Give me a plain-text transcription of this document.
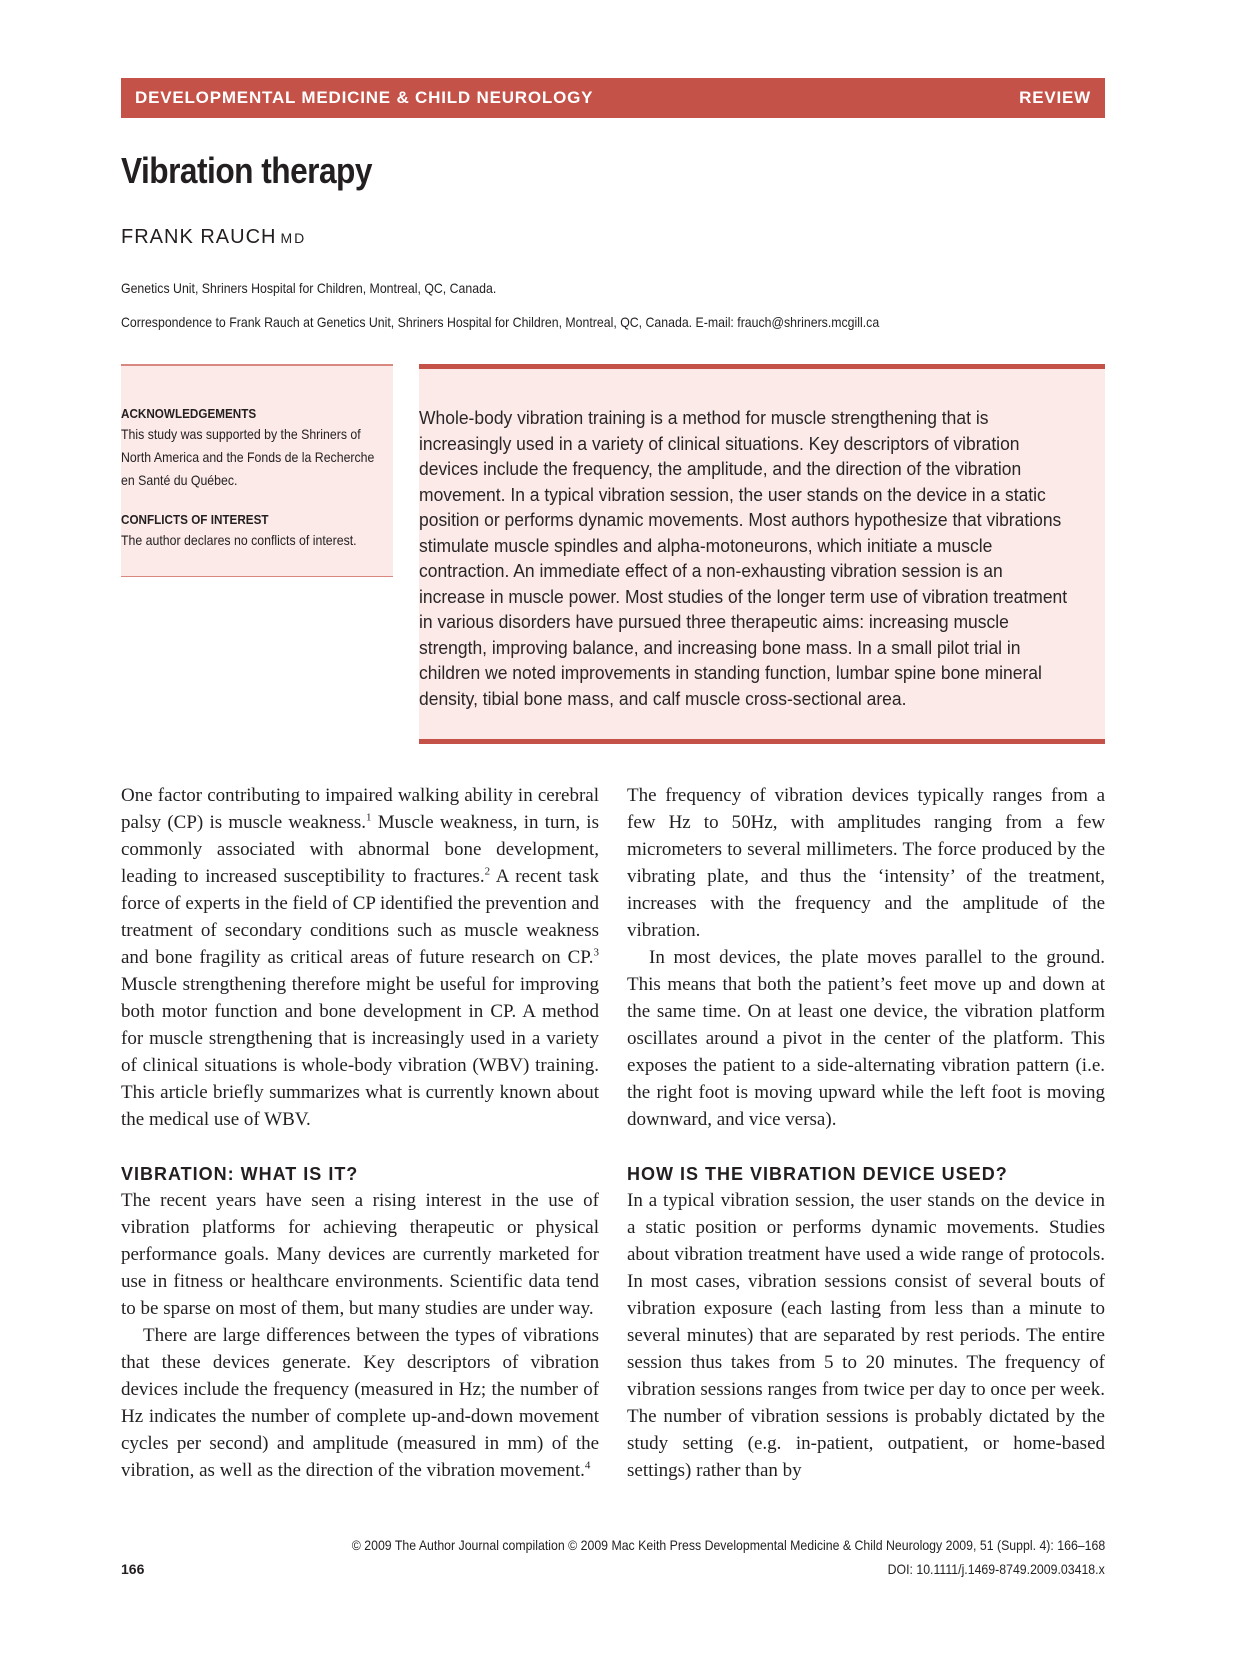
DEVELOPMENTAL MEDICINE & CHILD NEUROLOGY	REVIEW
Vibration therapy
FRANK RAUCH MD
Genetics Unit, Shriners Hospital for Children, Montreal, QC, Canada.
Correspondence to Frank Rauch at Genetics Unit, Shriners Hospital for Children, Montreal, QC, Canada. E-mail: frauch@shriners.mcgill.ca
ACKNOWLEDGEMENTS

This study was supported by the Shriners of North America and the Fonds de la Recherche en Santé du Québec.

CONFLICTS OF INTEREST

The author declares no conflicts of interest.

Whole-body vibration training is a method for muscle strengthening that is increasingly used in a variety of clinical situations. Key descriptors of vibration devices include the frequency, the amplitude, and the direction of the vibration movement. In a typical vibration session, the user stands on the device in a static position or performs dynamic movements. Most authors hypothesize that vibrations stimulate muscle spindles and alpha-motoneurons, which initiate a muscle contraction. An immediate effect of a non-exhausting vibration session is an increase in muscle power. Most studies of the longer term use of vibration treatment in various disorders have pursued three therapeutic aims: increasing muscle strength, improving balance, and increasing bone mass. In a small pilot trial in children we noted improvements in standing function, lumbar spine bone mineral density, tibial bone mass, and calf muscle cross-sectional area.

One factor contributing to impaired walking ability in cerebral palsy (CP) is muscle weakness.$^1$ Muscle weakness, in turn, is commonly associated with abnormal bone development, leading to increased susceptibility to fractures.$^2$ A recent task force of experts in the field of CP identified the prevention and treatment of secondary conditions such as muscle weakness and bone fragility as critical areas of future research on CP.$^3$ Muscle strengthening therefore might be useful for improving both motor function and bone development in CP. A method for muscle strengthening that is increasingly used in a variety of clinical situations is whole-body vibration (WBV) training. This article briefly summarizes what is currently known about the medical use of WBV.

VIBRATION: WHAT IS IT?

The recent years have seen a rising interest in the use of vibration platforms for achieving therapeutic or physical performance goals. Many devices are currently marketed for use in fitness or healthcare environments. Scientific data tend to be sparse on most of them, but many studies are under way.

There are large differences between the types of vibrations that these devices generate. Key descriptors of vibration devices include the frequency (measured in Hz; the number of Hz indicates the number of complete up-and-down movement cycles per second) and amplitude (measured in mm) of the vibration, as well as the direction of the vibration movement.$^4$

The frequency of vibration devices typically ranges from a few Hz to 50Hz, with amplitudes ranging from a few micrometers to several millimeters. The force produced by the vibrating plate, and thus the ‘intensity’ of the treatment, increases with the frequency and the amplitude of the vibration.

In most devices, the plate moves parallel to the ground. This means that both the patient’s feet move up and down at the same time. On at least one device, the vibration platform oscillates around a pivot in the center of the platform. This exposes the patient to a side-alternating vibration pattern (i.e. the right foot is moving upward while the left foot is moving downward, and vice versa).

HOW IS THE VIBRATION DEVICE USED?

In a typical vibration session, the user stands on the device in a static position or performs dynamic movements. Studies about vibration treatment have used a wide range of protocols. In most cases, vibration sessions consist of several bouts of vibration exposure (each lasting from less than a minute to several minutes) that are separated by rest periods. The entire session thus takes from 5 to 20 minutes. The frequency of vibration sessions ranges from twice per day to once per week. The number of vibration sessions is probably dictated by the study setting (e.g. in-patient, outpatient, or home-based settings) rather than by

© 2009 The Author Journal compilation © 2009 Mac Keith Press Developmental Medicine & Child Neurology 2009, 51 (Suppl. 4): 166–168
166	DOI: 10.1111/j.1469-8749.2009.03418.x
